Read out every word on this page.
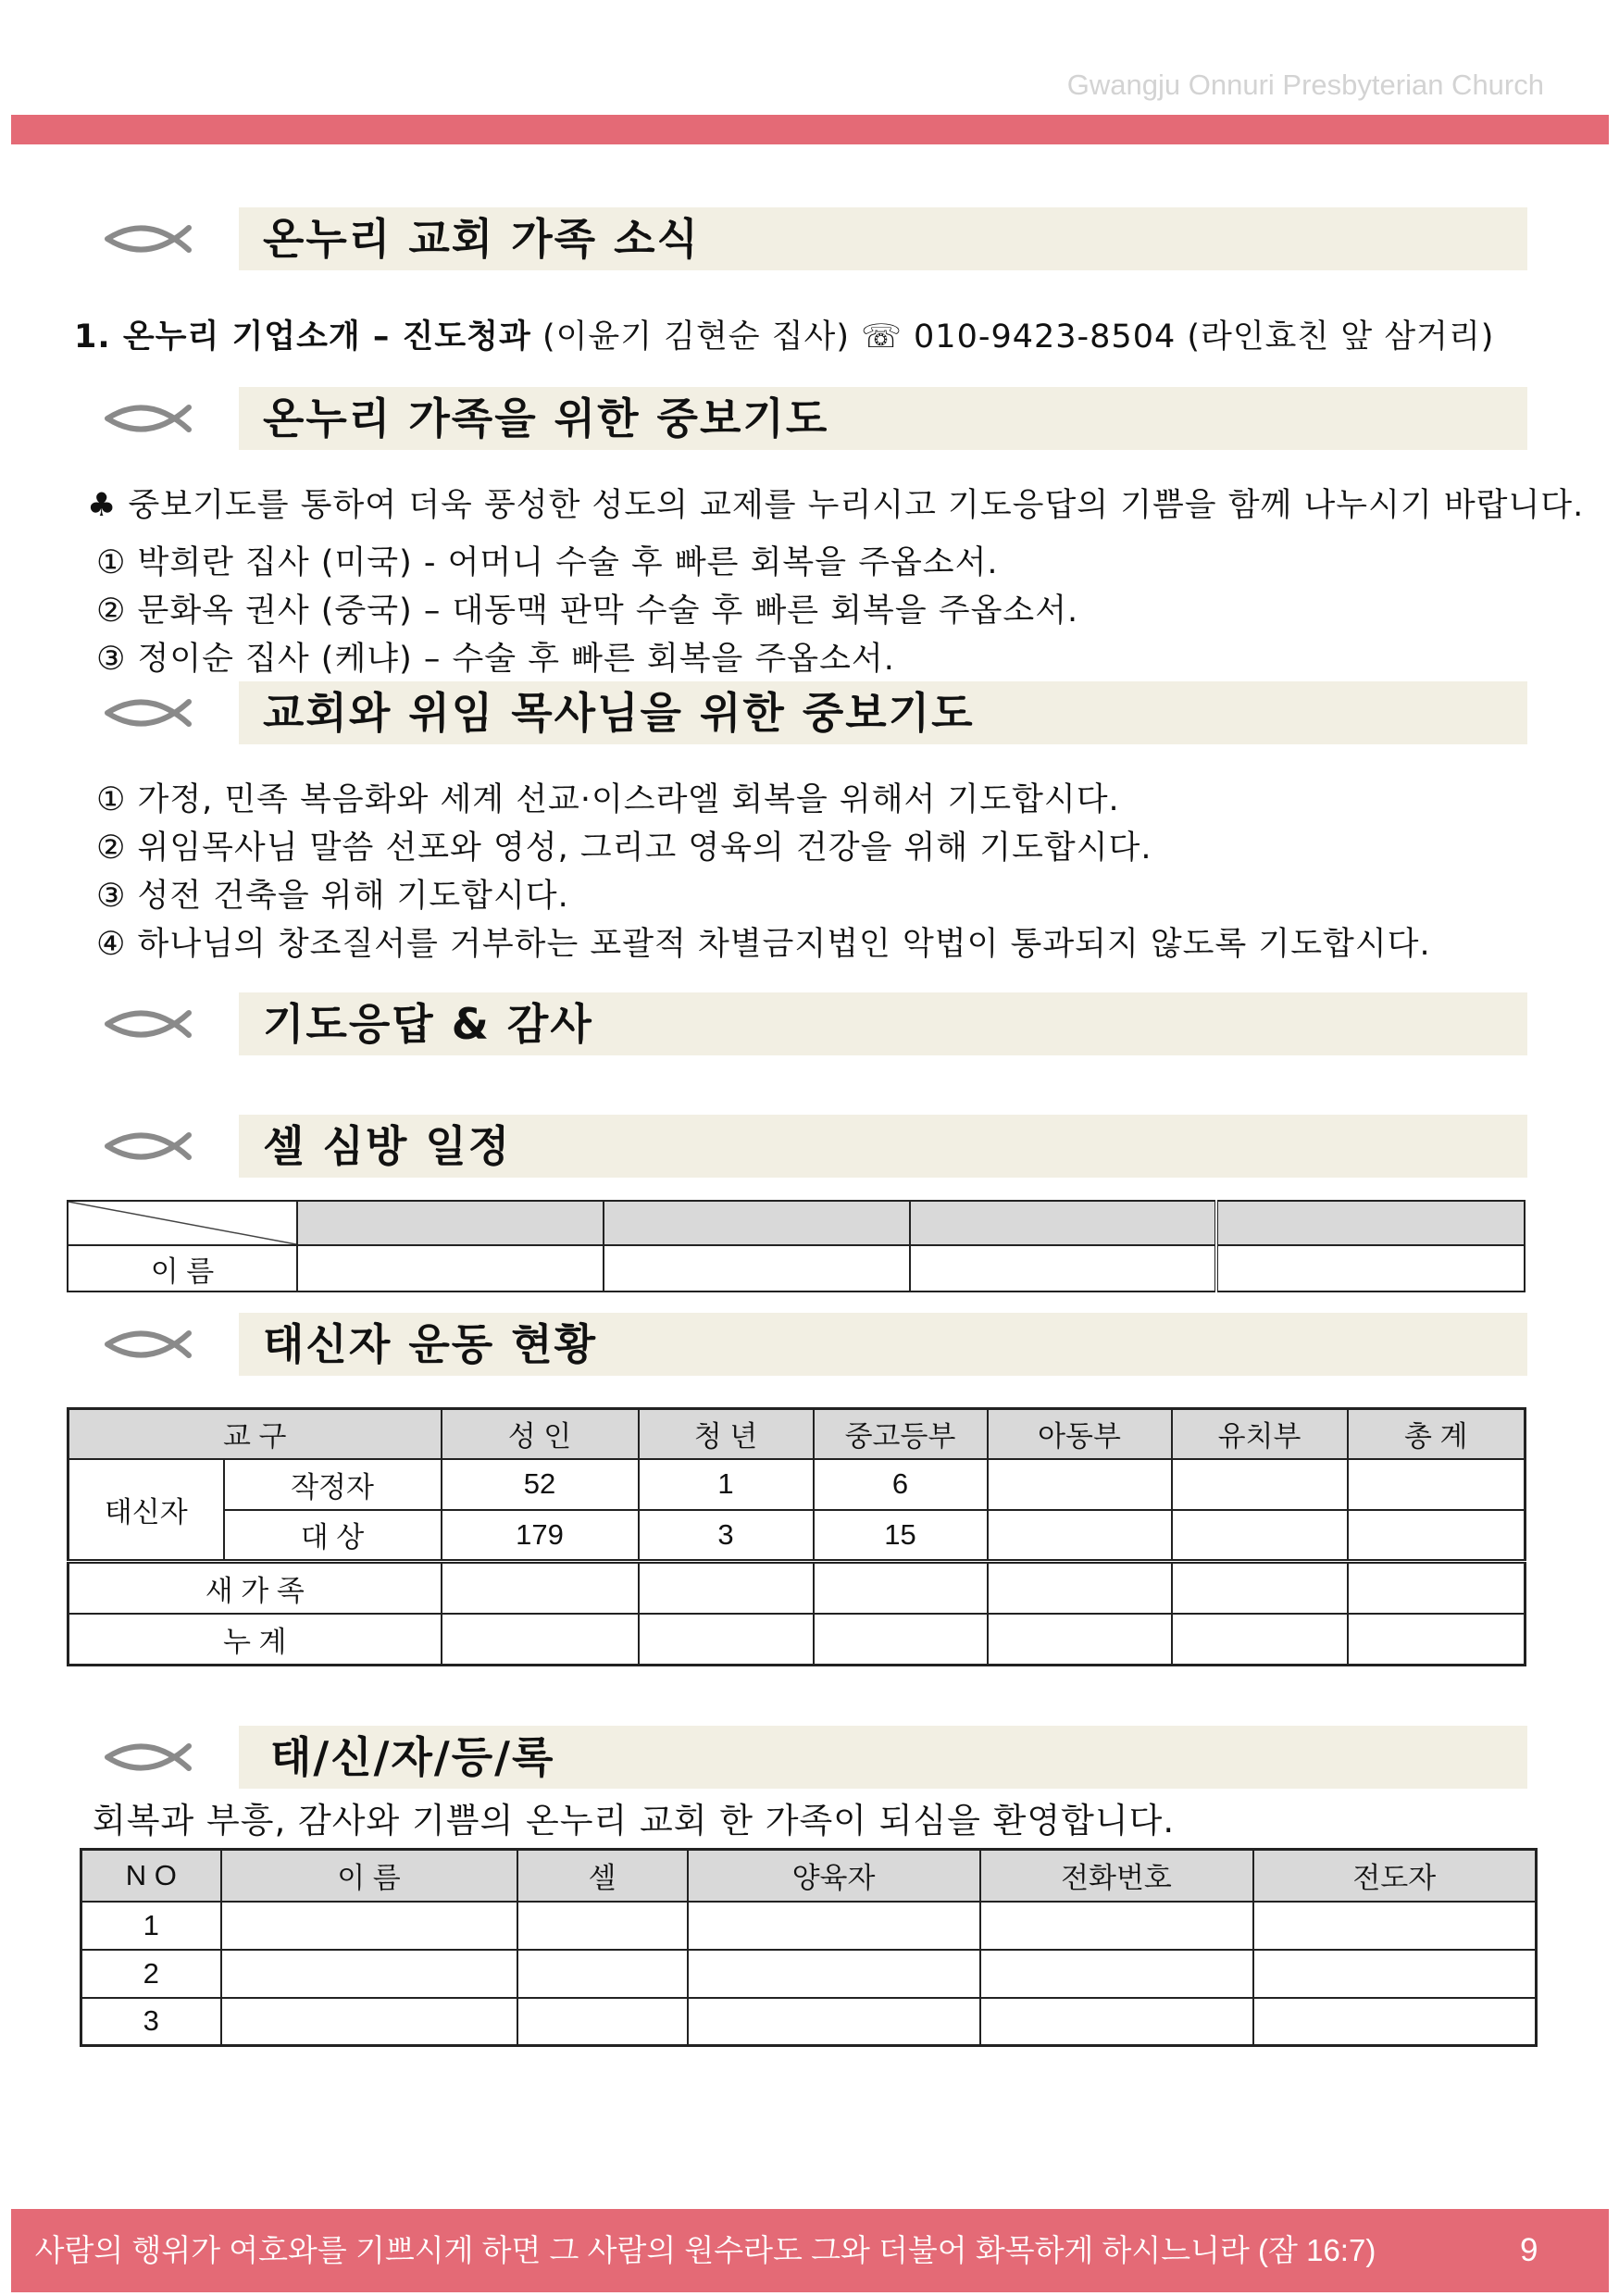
Gwangju Onnuri Presbyterian Church
온누리 교회 가족 소식
1. 온누리 기업소개 – 진도청과 (이윤기 김현순 집사) ☏ 010-9423-8504 (라인효친 앞 삼거리)
온누리 가족을 위한 중보기도
♣ 중보기도를 통하여 더욱 풍성한 성도의 교제를 누리시고 기도응답의 기쁨을 함께 나누시기 바랍니다.
① 박희란 집사 (미국) - 어머니 수술 후 빠른 회복을 주옵소서.
② 문화옥 권사 (중국) – 대동맥 판막 수술 후 빠른 회복을 주옵소서.
③ 정이순 집사 (케냐) – 수술 후 빠른 회복을 주옵소서.
교회와 위임 목사님을 위한 중보기도
① 가정, 민족 복음화와 세계 선교·이스라엘 회복을 위해서 기도합시다.
② 위임목사님 말씀 선포와 영성, 그리고 영육의 건강을 위해 기도합시다.
③ 성전 건축을 위해 기도합시다.
④ 하나님의 창조질서를 거부하는 포괄적 차별금지법인 악법이 통과되지 않도록 기도합시다.
기도응답 & 감사
셀 심방 일정

이 름				
태신자 운동 현황
교 구		성 인	청 년	중고등부	아동부	유치부	총 계
태신자	작정자	52	1	6			
	대 상	179	3	15			
새 가 족							
누 계							
태/신/자/등/록
회복과 부흥, 감사와 기쁨의 온누리 교회 한 가족이 되심을 환영합니다.
N O	이 름	셀	양육자	전화번호	전도자
1					
2					
3					
사람의 행위가 여호와를 기쁘시게 하면 그 사람의 원수라도 그와 더불어 화목하게 하시느니라 (잠 16:7)	9
